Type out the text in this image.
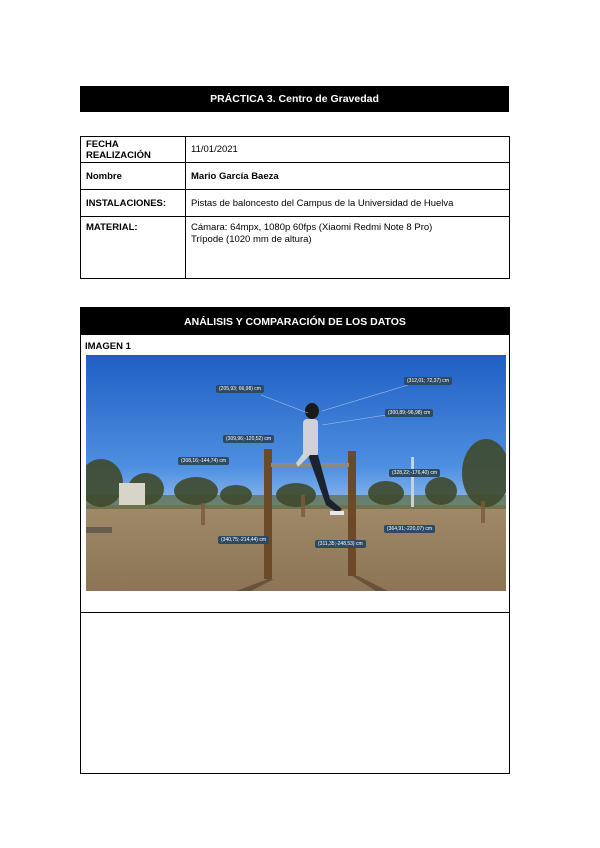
PRÁCTICA 3. Centro de Gravedad
FECHA REALIZACIÓN	11/01/2021
Nombre	Mario García Baeza
INSTALACIONES:	Pistas de baloncesto del Campus de la Universidad de Huelva
MATERIAL:	Cámara: 64mpx, 1080p 60fps (Xiaomi Redmi Note 8 Pro)
Trípode (1020 mm de altura)
ANÁLISIS Y COMPARACIÓN DE LOS DATOS
IMAGEN 1
(205,93; 66,98) cm
(312,01; 72,37) cm
(300,89;-96,98) cm
(309,96;-120,52) cm
(308,16;-144,74) cm
(328,22;-176,40) cm
(364,91;-220,07) cm
(340,75;-214,44) cm
(311,35;-248,53) cm
